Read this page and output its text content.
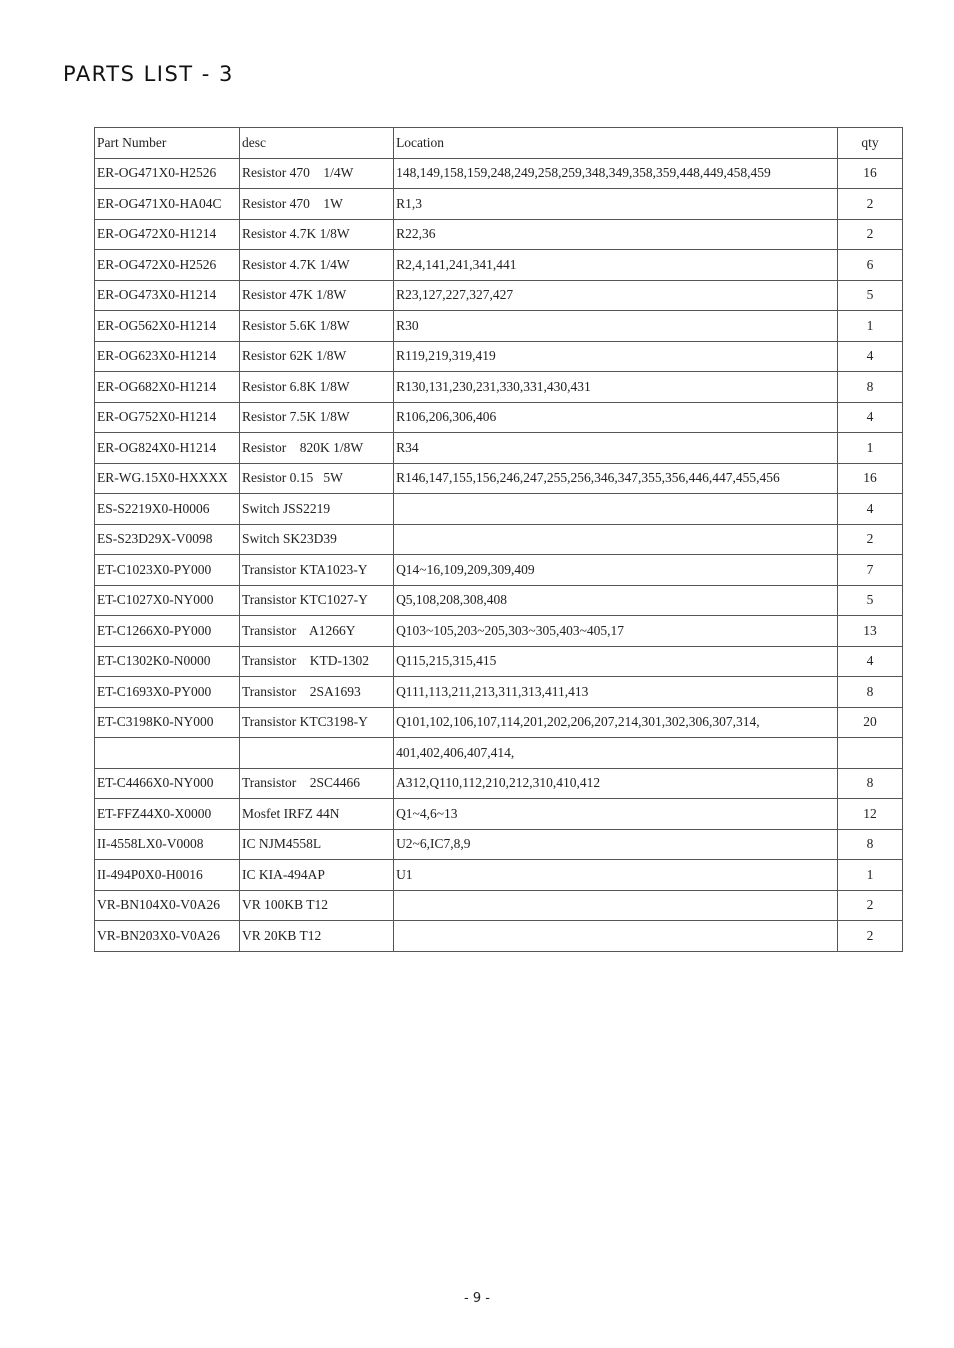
PARTS LIST - 3
Part Number	desc	Location	qty
ER-OG471X0-H2526	Resistor 470    1/4W	148,149,158,159,248,249,258,259,348,349,358,359,448,449,458,459	16
ER-OG471X0-HA04C	Resistor 470    1W	R1,3	2
ER-OG472X0-H1214	Resistor 4.7K 1/8W	R22,36	2
ER-OG472X0-H2526	Resistor 4.7K 1/4W	R2,4,141,241,341,441	6
ER-OG473X0-H1214	Resistor 47K 1/8W	R23,127,227,327,427	5
ER-OG562X0-H1214	Resistor 5.6K 1/8W	R30	1
ER-OG623X0-H1214	Resistor 62K 1/8W	R119,219,319,419	4
ER-OG682X0-H1214	Resistor 6.8K 1/8W	R130,131,230,231,330,331,430,431	8
ER-OG752X0-H1214	Resistor 7.5K 1/8W	R106,206,306,406	4
ER-OG824X0-H1214	Resistor    820K 1/8W	R34	1
ER-WG.15X0-HXXXX	Resistor 0.15   5W	R146,147,155,156,246,247,255,256,346,347,355,356,446,447,455,456	16
ES-S2219X0-H0006	Switch JSS2219		4
ES-S23D29X-V0098	Switch SK23D39		2
ET-C1023X0-PY000	Transistor KTA1023-Y	Q14~16,109,209,309,409	7
ET-C1027X0-NY000	Transistor KTC1027-Y	Q5,108,208,308,408	5
ET-C1266X0-PY000	Transistor    A1266Y	Q103~105,203~205,303~305,403~405,17	13
ET-C1302K0-N0000	Transistor    KTD-1302	Q115,215,315,415	4
ET-C1693X0-PY000	Transistor    2SA1693	Q111,113,211,213,311,313,411,413	8
ET-C3198K0-NY000	Transistor KTC3198-Y	Q101,102,106,107,114,201,202,206,207,214,301,302,306,307,314,	20
		401,402,406,407,414,	
ET-C4466X0-NY000	Transistor    2SC4466	A312,Q110,112,210,212,310,410,412	8
ET-FFZ44X0-X0000	Mosfet IRFZ 44N	Q1~4,6~13	12
II-4558LX0-V0008	IC NJM4558L	U2~6,IC7,8,9	8
II-494P0X0-H0016	IC KIA-494AP	U1	1
VR-BN104X0-V0A26	VR 100KB T12		2
VR-BN203X0-V0A26	VR 20KB T12		2
- 9 -
